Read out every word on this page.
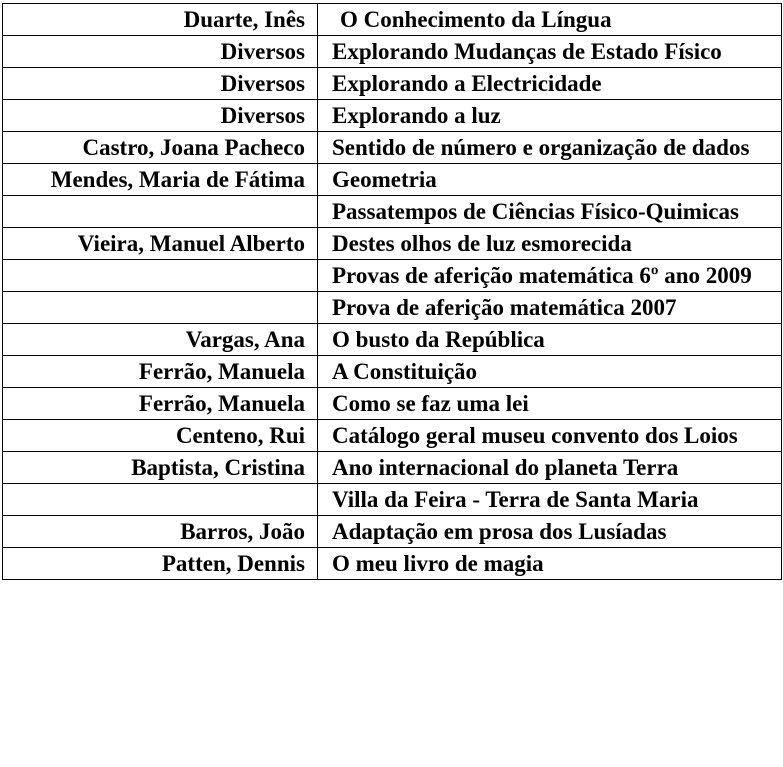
Duarte, Inês	O Conhecimento da Língua
Diversos	Explorando Mudanças de Estado Físico
Diversos	Explorando a Electricidade
Diversos	Explorando a luz
Castro, Joana Pacheco	Sentido de número e organização de dados
Mendes, Maria de Fátima	Geometria
	Passatempos de Ciências Físico-Quimicas
Vieira, Manuel Alberto	Destes olhos de luz esmorecida
	Provas de aferição matemática 6º ano 2009
	Prova de aferição matemática 2007
Vargas, Ana	O busto da República
Ferrão, Manuela	A Constituição
Ferrão, Manuela	Como se faz uma lei
Centeno, Rui	Catálogo geral museu convento dos Loios
Baptista, Cristina	Ano internacional do planeta Terra
	Villa da Feira - Terra de Santa Maria
Barros, João	Adaptação em prosa dos Lusíadas
Patten, Dennis	O meu livro de magia
